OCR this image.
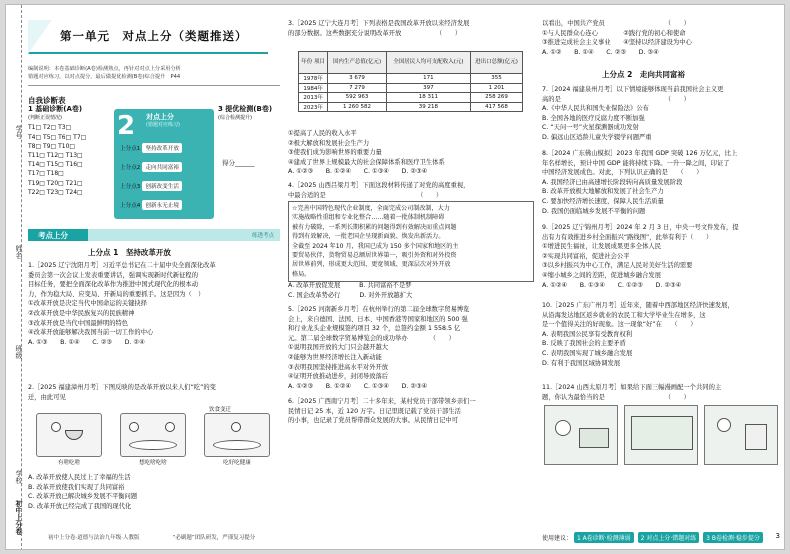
学号
姓名
班级
学校
初中上分卷
第一单元　对点上分（类题推送）
编制说明：本卷基础诊断(A卷)检测熟点，再针对对点上分采用分析
错题对应练习，以对点提分，最后做提优检测(B卷)综合提升　P44
自我诊断表
1 基础诊断(A卷)
(判断正误情况)
T1□ T2□ T3□
T4□ T5□ T6□ T7□
T8□ T9□ T10□
T11□ T12□ T13□
T14□ T15□ T16□
T17□ T18□
T19□ T20□ T21□
T22□ T23□ T24□
2 对点上分
(错题对应练习)
上分点1 坚持改革开放
上分点2 走向共同富裕
上分点3 创新改变生活
上分点4 创新永无止境
3 提优检测(B卷)
(综合检测提升)
得分______
考点上分	练透考点
上分点 1　坚持改革开放
1.［2025 辽宁沈阳月考］习近平总书记在二十届中央全面深化改革
委员会第一次会议上发表重要讲话，强调实现新时代新征程的
目标任务，要把全面深化改革作为推进中国式现代化的根本动
力，作为稳大局、应变局、开新局的重要抓手。这是因为（　）
①改革开放是决定当代中国命运的关键抉择
②改革开放是中华民族复兴的民族精神
③改革开放是当代中国最鲜明的特色
④改革开放能够解决我国当前一切工作的中心
A. ①③　　B. ①④　　C. ②③　　D. ②④
2.［2025 福建漳州月考］下图反映的是改革开放以来人们“吃”的变
迁，由此可见
有啥吃啥	想吃啥吃啥
饮食变迁
吃好吃健康
A. 改革开放使人民过上了幸福的生活
B. 改革开放使我们实现了共同富裕
C. 改革开放已解决城乡发展不平衡问题
D. 改革开放已经完成了我国的现代化
初中上分卷·道德与法治九年级·人教版　　　　　　“必刷题”团队研发，严谨复习提分
3.［2025 辽宁大连月考］下列表格是我国改革开放以来经济发展
的部分数据。这些数据充分说明改革开放　　　　　　（　　）
年份 项目	国内生产总值(亿元)	全国居民人均可支配收入(元)	进出口总额(亿元)
1978年	3 679	171	355
1984年	7 279	397	1 201
2013年	592 963	18 311	258 269
2023年	1 260 582	39 218	417 568
①提高了人民的收入水平
②极大解放和发展社会生产力
③使我们成为影响世界的重要力量
④建成了世界上规模最大的社会保障体系和医疗卫生体系
A. ①②③　　B. ①②④　　C. ①③④　　D. ②③④
4.［2025 山西吕梁月考］下面这段材料传递了对党的高度重视，
中最合适的是　　　　　　　　　　　　　　　（　　）
☆完善中国特色现代企业制度，全面完成公司制改制，大力
实施战略性重组和专业化整合……随着一批体制机制障碍
被有力破除，一系列长期积累的问题得到有效解决而重点问题
得到有效解决，一批老国企呈现新面貌、焕发出新活力。
全截至 2024 年10 月，我国已成为 150 多个国家和地区的主
要贸易伙伴，货物贸易总额居世界第一，吸引外资和对外投资
居世界前列，形成更大范围、更宽领域、更深层次对外开放
格局。
A. 改革开放促发展　　　B. 共同富裕不是梦
C. 国企改革势必行　　　D. 对外开放越扩大
5.［2025 河南新乡月考］在杭州举行的第二届全球数字贸易博览
会上，来自德国、法国、日本、中国香港等国家和地区的 500 强
和行业龙头企业规模签约项目 32 个，总签约金额 1 558.5 亿
元。第二届全球数字贸易博览会的成功举办　　　　（　　）
①说明我国开放的大门只会越开越大
②能够为世界经济增长注入新动能
③表明我国坚持推进高水平对外开放
④证明开放推动进步，封闭导致落后
A. ①②③　　B. ①②④　　C. ①③④　　D. ②③④
6.［2025 广西南宁月考］二十多年来，某村党员干部带领乡亲们一
民情日记 25 本，近 120 万字。日记里既记载了党员干部生活
的小事，也记录了党员帮带群众发展的大事。从民情日记中可
以看出，中国共产党员　　　　　　　　　　（　　）
①与人民群众心连心　　　　②践行党的初心和使命
③推进完成社会主义事业　　④坚持以经济建设为中心
A. ①②　　B. ①④　　C. ②③　　D. ③④
上分点 2　走向共同富裕
7.［2024 福建泉州月考］以下情境能够体现当前我国社会主义更
高的是　　　　　　　　　　　　　　　　　（　　）
A.《中华人民共和国失业保险法》公布
B. 全国各地的医疗反腐力度不断加强
C. “天问一号”火星探测器成功发射
D. 偏远山区适龄儿童失学辍学问题严重
8.［2024 广东佛山模拟］2023 年我国 GDP 突破 126 万亿元，比上
年名样增长，预计中国 GDP 能将持续下降。一升一降之间，印证了
中国经济发展成色。对此，下列认识正确的是　　（　　）
A. 我国经济已由高速增长阶段转向高质量发展阶段
B. 改革开放极大地解放和发展了社会生产力
C. 要加快经济增长速度，保障人民生活质量
D. 我国仍面临城乡发展不平衡的问题
9.［2025 辽宁锦州月考］2024 年 2 月 3 日，中央一号文件发布，提
出有力有效推进乡村全面振兴“路线图”，此举有利于（　　）
①增进民生福祉，让发展成果更多全体人民
②实现共同富裕，促进社会公平
③以乡村振兴为中心工作，满足人民对美好生活的需要
④缩小城乡之间的差距，促进城乡融合发展
A. ①②④　　B. ①③④　　C. ①②③　　D. ②③④
10.［2025 广东广州月考］近年来，随着中西部地区经济快速发展，
从沿海发达地区返乡就业的农民工和大学毕业生在增多，这
是一个值得关注的好现象。这一现象“好”在　　（　　）
A. 表明我国公民享有受教育权利
B. 反映了我国社会的主要矛盾
C. 表明我国实现了城乡融合发展
D. 有利于我国区域协调发展
11.［2024 山西太原月考］如果给下面三幅漫画配一个共同的主
题，你认为最恰当的是　　　　　　　　　　（　　）
使用建议： 1 A卷诊断·检测薄弱 2 对点上分·错题对练 3 B卷检测·稳步提分 3
